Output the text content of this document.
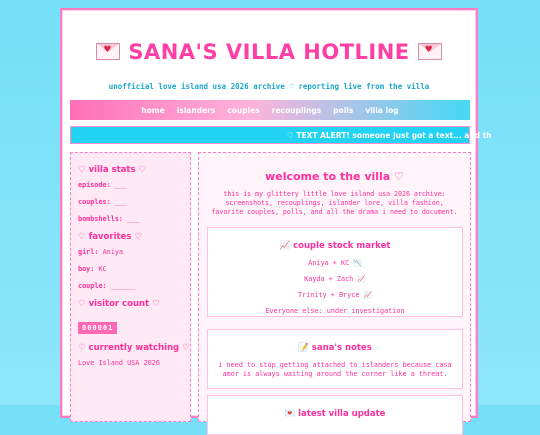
♥ SANA'S VILLA HOTLINE ♥
unofficial love island usa 2026 archive ♡ reporting live from the villa
home islanders couples recouplings polls villa log
♡ TEXT ALERT! someone just got a text... and th
♡ villa stats ♡
episode: ___
couples: ___
bombshells: ___
♡ favorites ♡
girl: Aniya
boy: KC
couple: ______
♡ visitor count ♡
000001
♡ currently watching ♡
Love Island USA 2026
welcome to the villa ♡
this is my glittery little love island usa 2026 archive: screenshots, recouplings, islander lore, villa fashion, favorite couples, polls, and all the drama i need to document.
📈 couple stock market
Aniya + KC 📉
Kayda + Zach 📈
Trinity + Bryce 📈
Everyone else: under investigation
📝 sana's notes

i need to stop getting attached to islanders because casa amor is always waiting around the corner like a threat.

💌 latest villa update
